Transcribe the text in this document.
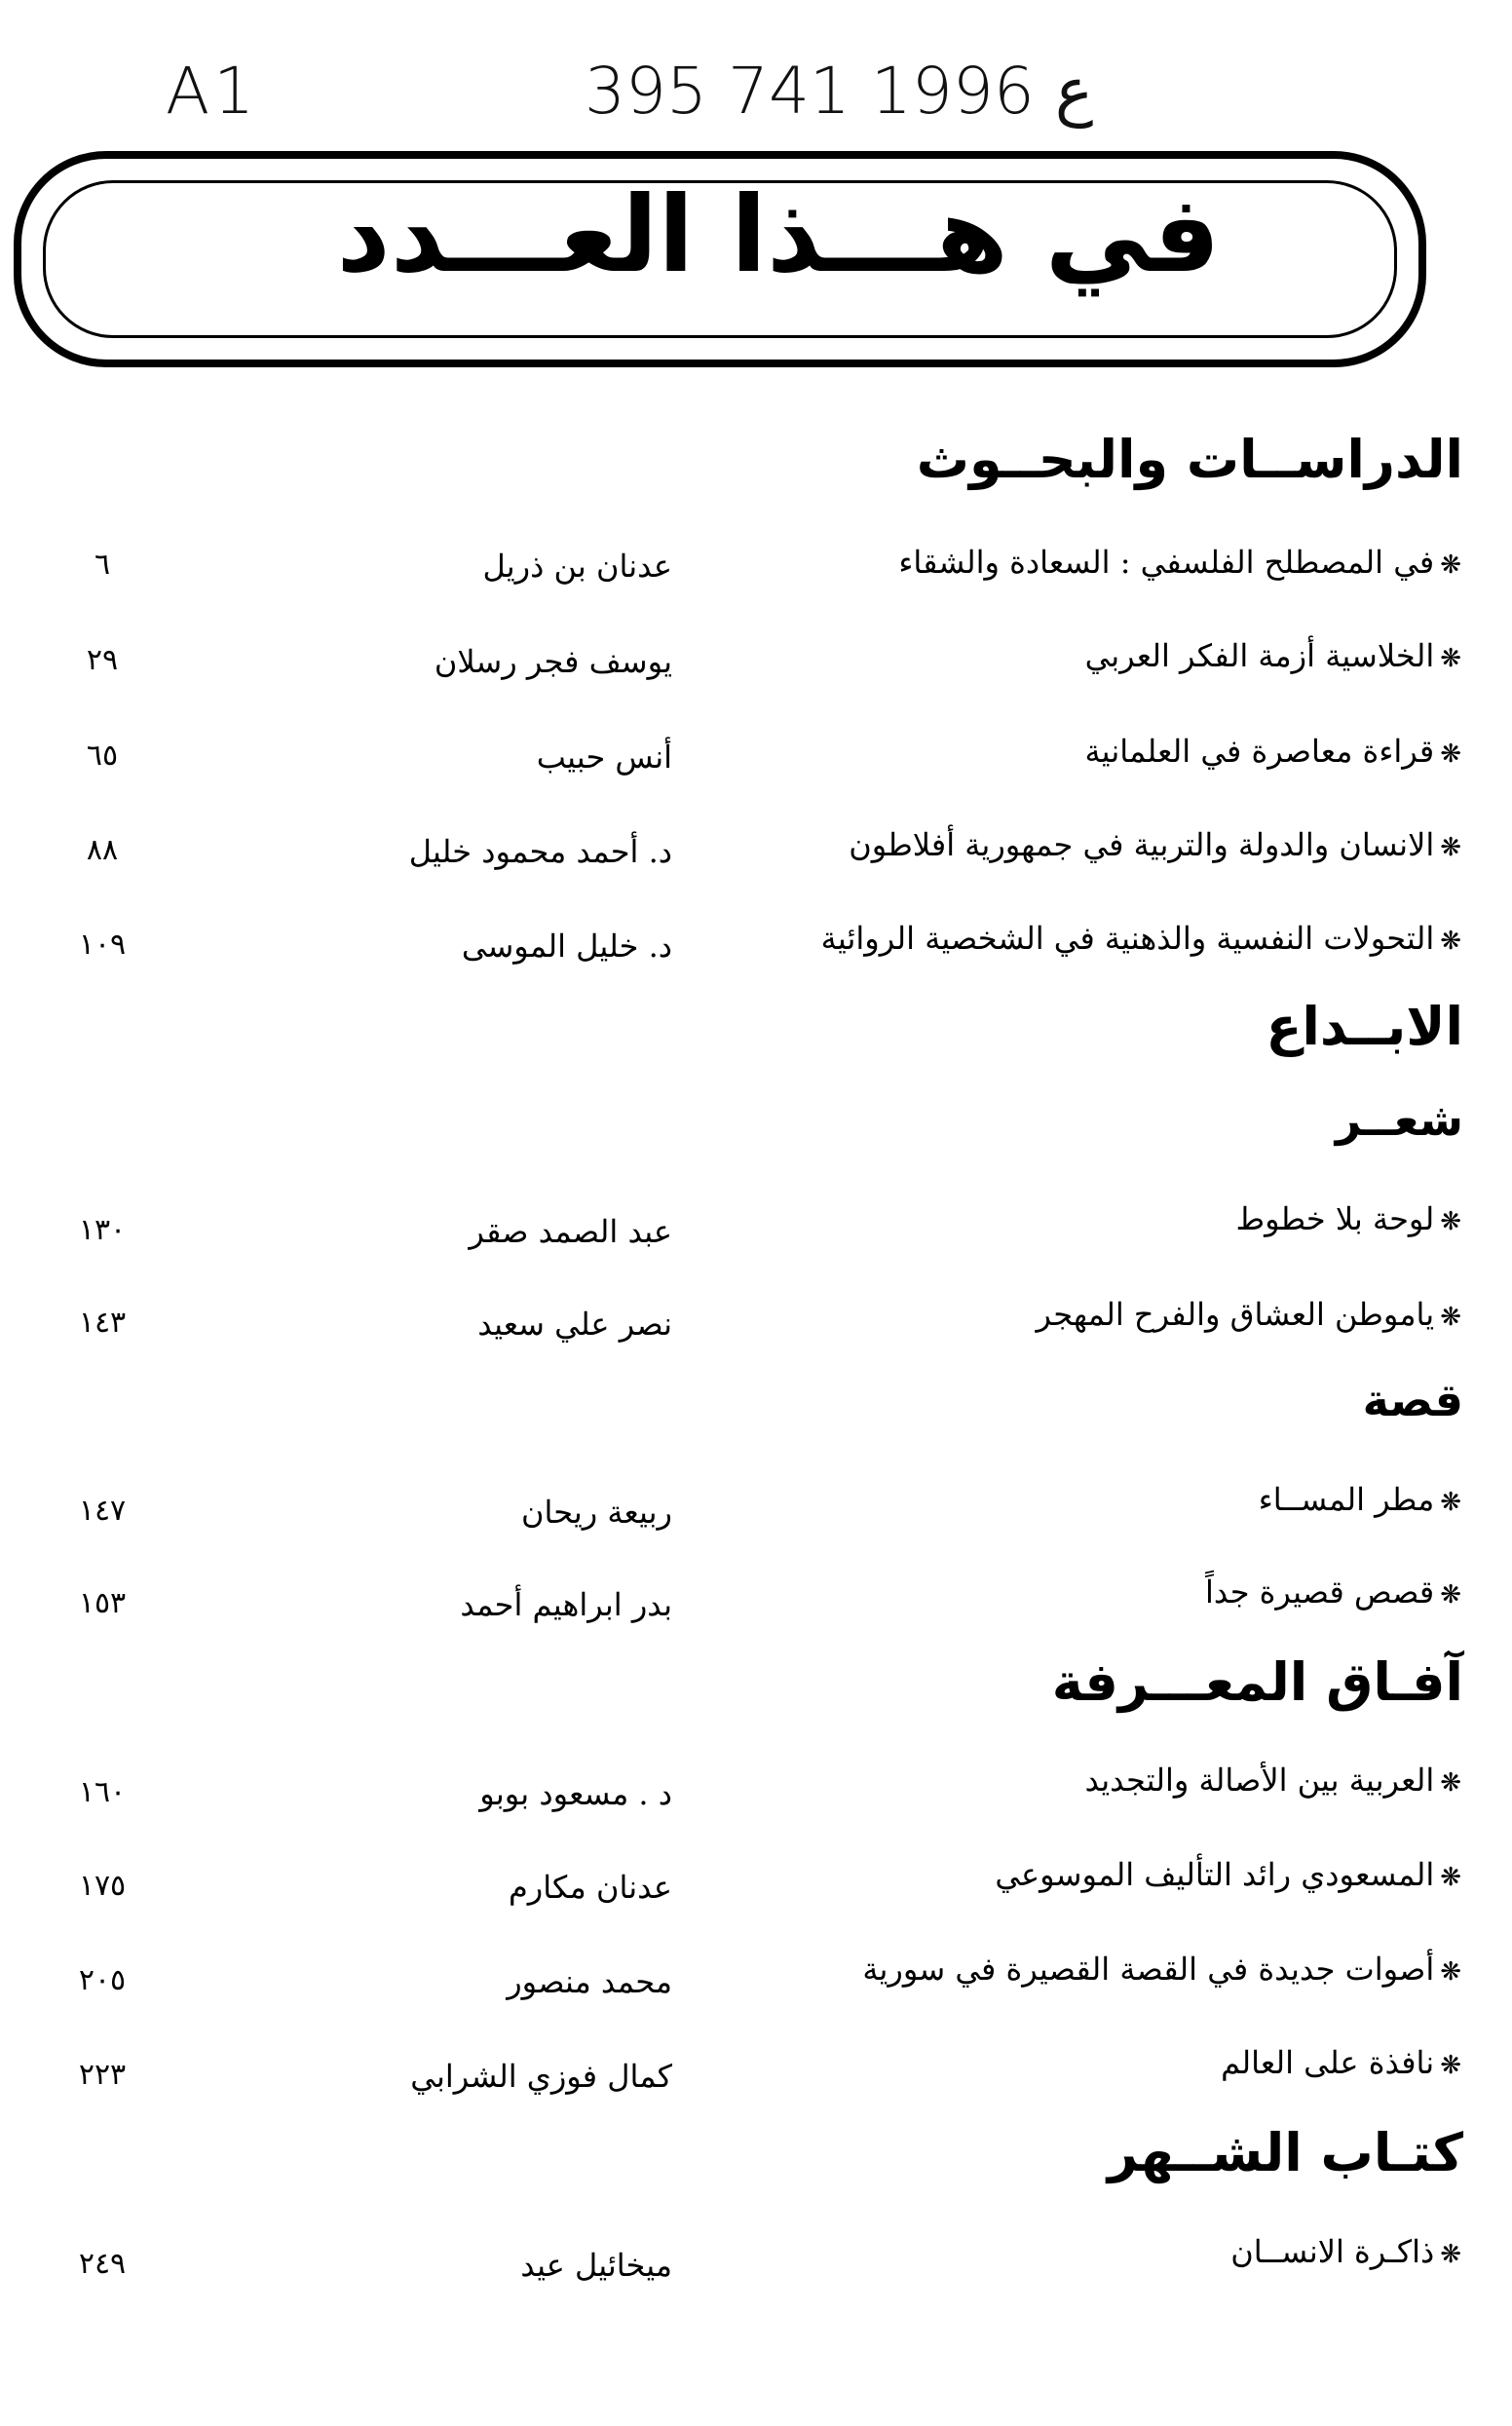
A1	395 ع 1996 741
في هـــذا العـــدد
الدراســات والبحــوث
الابــداع
شعــر
قصة
آفـاق المعـــرفة
كتـاب الشــهر
❋في المصطلح الفلسفي : السعادة والشقاء
عدنان بن ذريل
٦
❋الخلاسية أزمة الفكر العربي
يوسف فجر رسلان
٢٩
❋قراءة معاصرة في العلمانية
أنس حبيب
٦٥
❋الانسان والدولة والتربية في جمهورية أفلاطون
د. أحمد محمود خليل
٨٨
❋التحولات النفسية والذهنية في الشخصية الروائية
د. خليل الموسى
١٠٩
❋لوحة بلا خطوط
عبد الصمد صقر
١٣٠
❋ياموطن العشاق والفرح المهجر
نصر علي سعيد
١٤٣
❋مطر المســاء
ربيعة ريحان
١٤٧
❋قصص قصيرة جداً
بدر ابراهيم أحمد
١٥٣
❋العربية بين الأصالة والتجديد
د . مسعود بوبو
١٦٠
❋المسعودي رائد التأليف الموسوعي
عدنان مكارم
١٧٥
❋أصوات جديدة في القصة القصيرة في سورية
محمد منصور
٢٠٥
❋نافذة على العالم
كمال فوزي الشرابي
٢٢٣
❋ذاكـرة الانســان
ميخائيل عيد
٢٤٩
